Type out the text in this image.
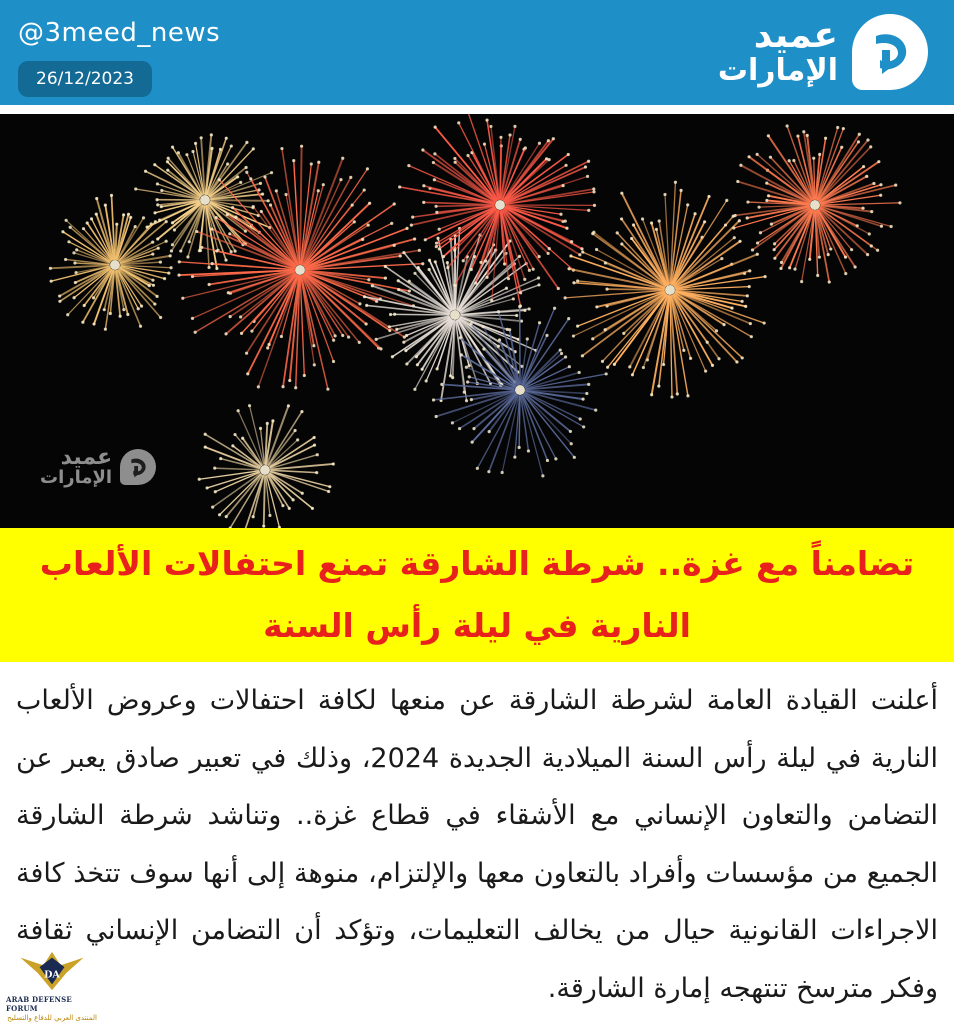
@3meed_news
26/12/2023
عميد
الإمارات
عميد
الإمارات
تضامناً مع غزة.. شرطة الشارقة تمنع احتفالات الألعاب النارية في ليلة رأس السنة
أعلنت القيادة العامة لشرطة الشارقة عن منعها لكافة احتفالات وعروض الألعاب النارية في ليلة رأس السنة الميلادية الجديدة 2024، وذلك في تعبير صادق يعبر عن التضامن والتعاون الإنساني مع الأشقاء في قطاع غزة.. وتناشد شرطة الشارقة الجميع من مؤسسات وأفراد بالتعاون معها والإلتزام، منوهة إلى أنها سوف تتخذ كافة الاجراءات القانونية حيال من يخالف التعليمات، وتؤكد أن التضامن الإنساني ثقافة وفكر مترسخ تنتهجه إمارة الشارقة.
DA
ARAB DEFENSE FORUM
المنتدى العربي للدفاع والتسليح
